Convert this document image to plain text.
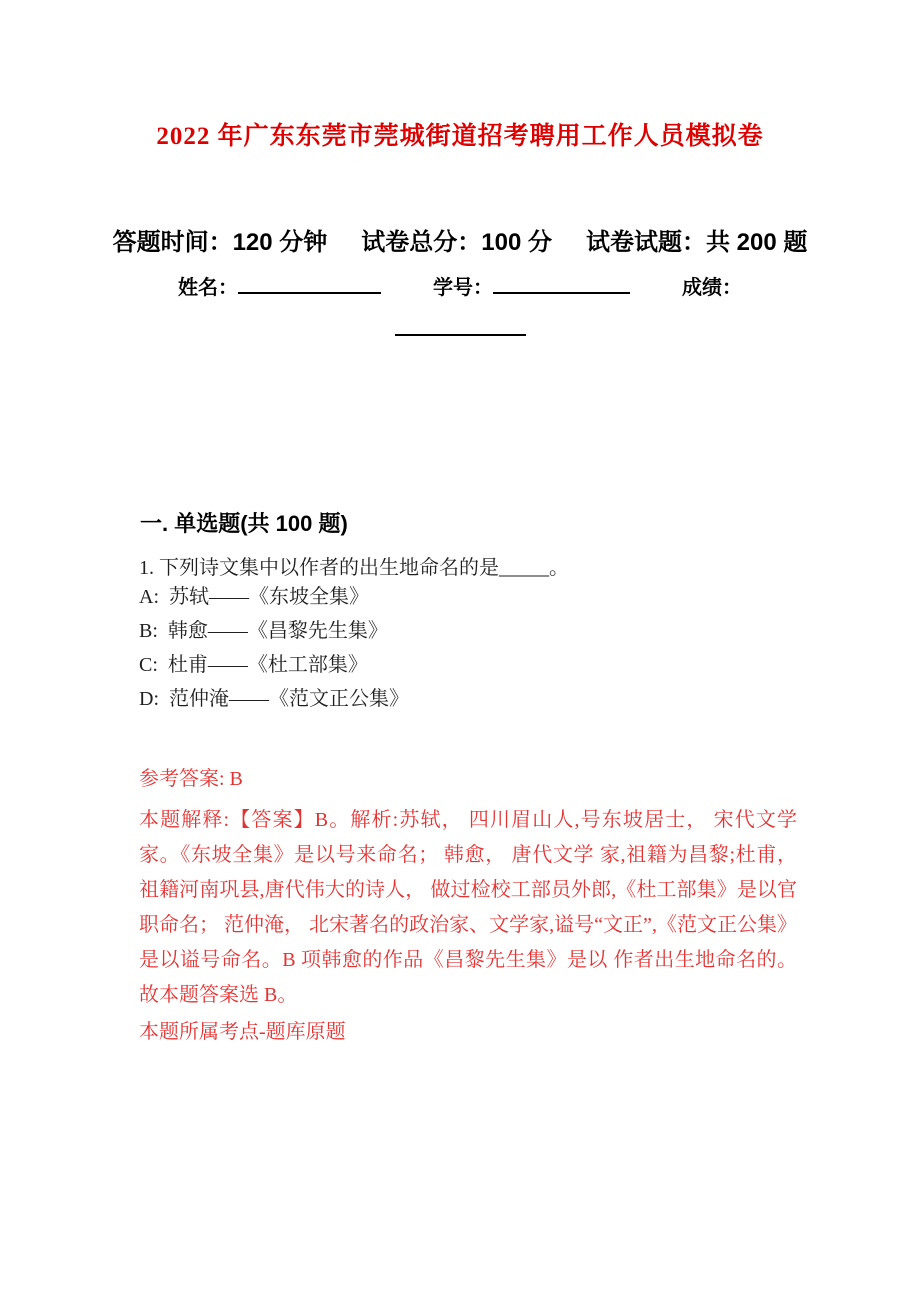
2022 年广东东莞市莞城街道招考聘用工作人员模拟卷
答题时间：120 分钟 试卷总分：100 分 试卷试题：共 200 题
姓名：	学号：	成绩：
一. 单选题(共 100 题)
1. 下列诗文集中以作者的出生地命名的是_____。
A:  苏轼——《东坡全集》
B:  韩愈——《昌黎先生集》
C:  杜甫——《杜工部集》
D:  范仲淹——《范文正公集》
参考答案: B
本题解释:【答案】B。解析:苏轼， 四川眉山人,号东坡居士， 宋代文学家。《东坡全集》是以号来命名； 韩愈， 唐代文学 家,祖籍为昌黎;杜甫， 祖籍河南巩县,唐代伟大的诗人， 做过检校工部员外郎,《杜工部集》是以官职命名； 范仲淹， 北宋著名的政治家、文学家,谥号“文正”,《范文正公集》是以谥号命名。B 项韩愈的作品《昌黎先生集》是以 作者出生地命名的。故本题答案选 B。
本题所属考点-题库原题
